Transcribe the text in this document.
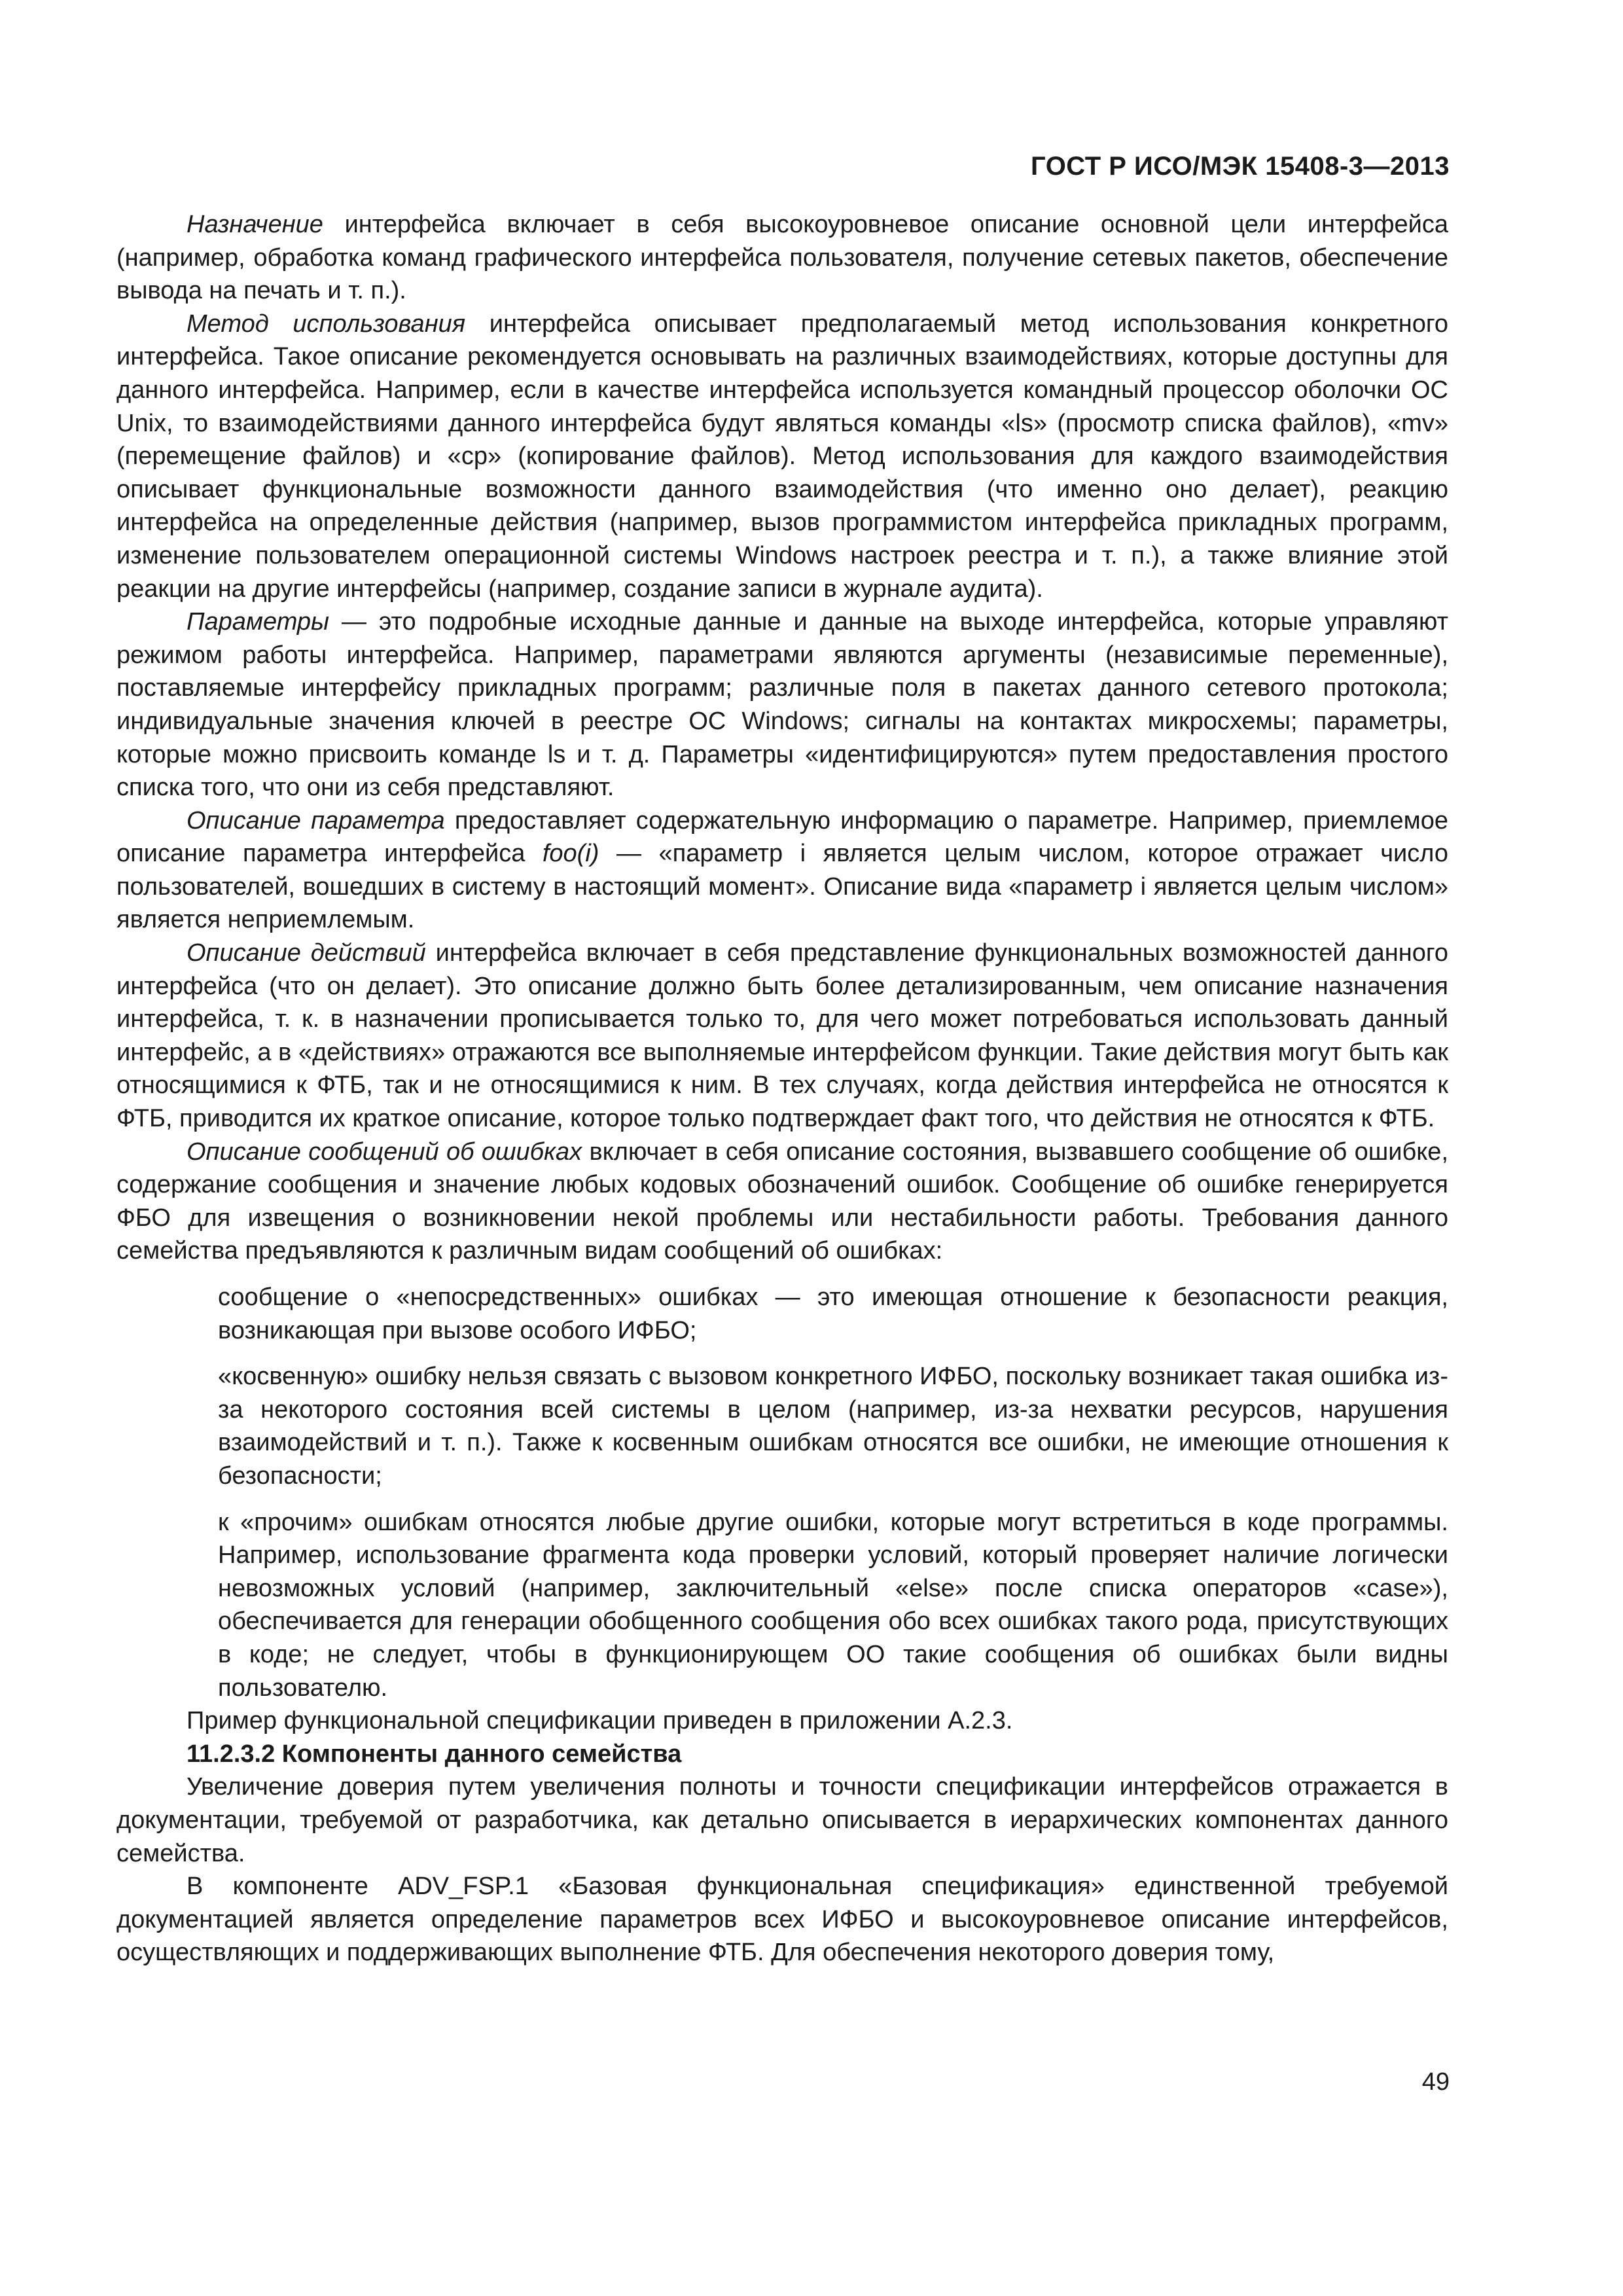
ГОСТ Р ИСО/МЭК 15408-3—2013

Назначение интерфейса включает в себя высокоуровневое описание основной цели интерфейса (например, обработка команд графического интерфейса пользователя, получение сетевых пакетов, обеспечение вывода на печать и т. п.).

Метод использования интерфейса описывает предполагаемый метод использования конкретного интерфейса. Такое описание рекомендуется основывать на различных взаимодействиях, которые доступны для данного интерфейса. Например, если в качестве интерфейса используется командный процессор оболочки ОС Unix, то взаимодействиями данного интерфейса будут являться команды «ls» (просмотр списка файлов), «mv» (перемещение файлов) и «cp» (копирование файлов). Метод использования для каждого взаимодействия описывает функциональные возможности данного взаимодействия (что именно оно делает), реакцию интерфейса на определенные действия (например, вызов программистом интерфейса прикладных программ, изменение пользователем операционной системы Windows настроек реестра и т. п.), а также влияние этой реакции на другие интерфейсы (например, создание записи в журнале аудита).

Параметры — это подробные исходные данные и данные на выходе интерфейса, которые управляют режимом работы интерфейса. Например, параметрами являются аргументы (независимые переменные), поставляемые интерфейсу прикладных программ; различные поля в пакетах данного сетевого протокола; индивидуальные значения ключей в реестре ОС Windows; сигналы на контактах микросхемы; параметры, которые можно присвоить команде ls и т. д. Параметры «идентифицируются» путем предоставления простого списка того, что они из себя представляют.

Описание параметра предоставляет содержательную информацию о параметре. Например, приемлемое описание параметра интерфейса foo(i) — «параметр i является целым числом, которое отражает число пользователей, вошедших в систему в настоящий момент». Описание вида «параметр i является целым числом» является неприемлемым.

Описание действий интерфейса включает в себя представление функциональных возможностей данного интерфейса (что он делает). Это описание должно быть более детализированным, чем описание назначения интерфейса, т. к. в назначении прописывается только то, для чего может потребоваться использовать данный интерфейс, а в «действиях» отражаются все выполняемые интерфейсом функции. Такие действия могут быть как относящимися к ФТБ, так и не относящимися к ним. В тех случаях, когда действия интерфейса не относятся к ФТБ, приводится их краткое описание, которое только подтверждает факт того, что действия не относятся к ФТБ.

Описание сообщений об ошибках включает в себя описание состояния, вызвавшего сообщение об ошибке, содержание сообщения и значение любых кодовых обозначений ошибок. Сообщение об ошибке генерируется ФБО для извещения о возникновении некой проблемы или нестабильности работы. Требования данного семейства предъявляются к различным видам сообщений об ошибках:

сообщение о «непосредственных» ошибках — это имеющая отношение к безопасности реакция, возникающая при вызове особого ИФБО;

«косвенную» ошибку нельзя связать с вызовом конкретного ИФБО, поскольку возникает такая ошибка из-за некоторого состояния всей системы в целом (например, из-за нехватки ресурсов, нарушения взаимодействий и т. п.). Также к косвенным ошибкам относятся все ошибки, не имеющие отношения к безопасности;

к «прочим» ошибкам относятся любые другие ошибки, которые могут встретиться в коде программы. Например, использование фрагмента кода проверки условий, который проверяет наличие логически невозможных условий (например, заключительный «else» после списка операторов «case»), обеспечивается для генерации обобщенного сообщения обо всех ошибках такого рода, присутствующих в коде; не следует, чтобы в функционирующем ОО такие сообщения об ошибках были видны пользователю.

Пример функциональной спецификации приведен в приложении А.2.3.

11.2.3.2 Компоненты данного семейства

Увеличение доверия путем увеличения полноты и точности спецификации интерфейсов отражается в документации, требуемой от разработчика, как детально описывается в иерархических компонентах данного семейства.

В компоненте ADV_FSP.1 «Базовая функциональная спецификация» единственной требуемой документацией является определение параметров всех ИФБО и высокоуровневое описание интерфейсов, осуществляющих и поддерживающих выполнение ФТБ. Для обеспечения некоторого доверия тому,

49
